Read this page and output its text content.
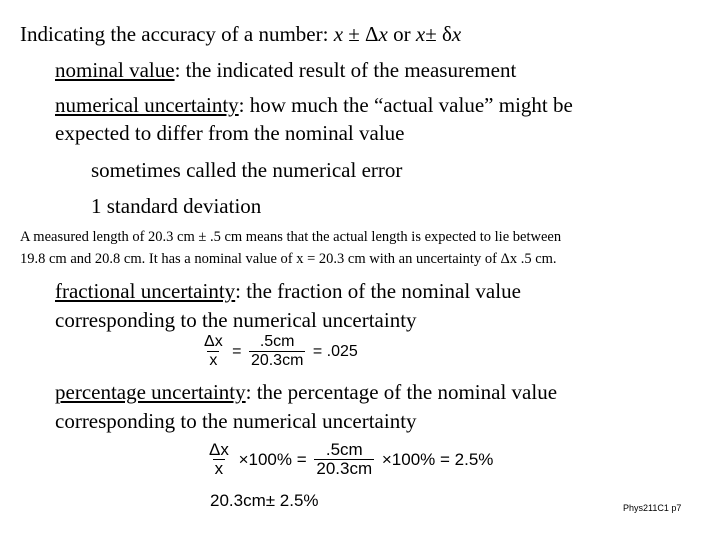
Indicating the accuracy of a number: x ± Δx or x± δx
nominal value: the indicated result of the measurement
numerical uncertainty: how much the “actual value” might be
expected to differ from the nominal value
sometimes called the numerical error
1 standard deviation
A measured length of 20.3 cm ± .5 cm means that the actual length is expected to lie between
19.8 cm and 20.8 cm. It has a nominal value of x = 20.3 cm with an uncertainty of Δx .5 cm.
fractional uncertainty: the fraction of the nominal value
corresponding to the numerical uncertainty
$\frac{\Delta x}{x} = \frac{.5cm}{20.3cm} = .025$
percentage uncertainty: the percentage of the nominal value
corresponding to the numerical uncertainty
$\frac{\Delta x}{x} \times 100\% = \frac{.5cm}{20.3cm} \times 100\% = 2.5\%$
20.3cm± 2.5%	Phys211C1 p7
